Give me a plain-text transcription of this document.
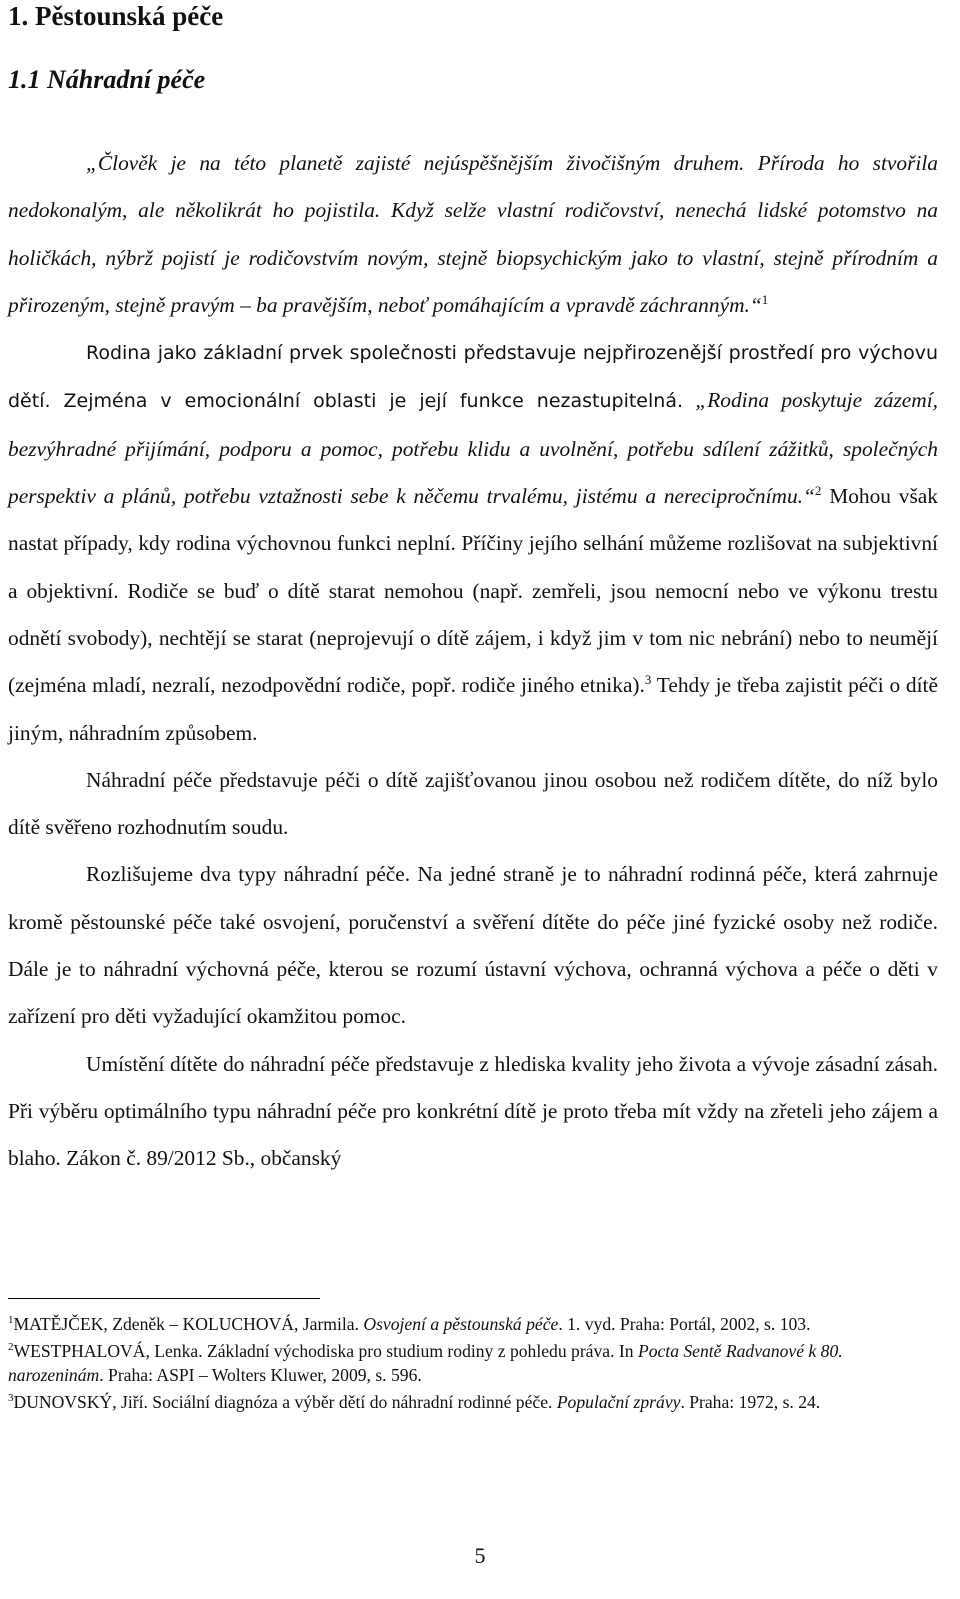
1. Pěstounská péče
1.1 Náhradní péče

„Člověk je na této planetě zajisté nejúspěšnějším živočišným druhem. Příroda ho stvořila nedokonalým, ale několikrát ho pojistila. Když selže vlastní rodičovství, nenechá lidské potomstvo na holičkách, nýbrž pojistí je rodičovstvím novým, stejně biopsychickým jako to vlastní, stejně přírodním a přirozeným, stejně pravým – ba pravějším, neboť pomáhajícím a vpravdě záchranným.“$^1$

Rodina jako základní prvek společnosti představuje nejpřirozenější prostředí pro výchovu dětí. Zejména v emocionální oblasti je její funkce nezastupitelná. „Rodina poskytuje zázemí, bezvýhradné přijímání, podporu a pomoc, potřebu klidu a uvolnění, potřebu sdílení zážitků, společných perspektiv a plánů, potřebu vztažnosti sebe k něčemu trvalému, jistému a nerecipročnímu.“$^2$ Mohou však nastat případy, kdy rodina výchovnou funkci neplní. Příčiny jejího selhání můžeme rozlišovat na subjektivní a objektivní. Rodiče se buď o dítě starat nemohou (např. zemřeli, jsou nemocní nebo ve výkonu trestu odnětí svobody), nechtějí se starat (neprojevují o dítě zájem, i když jim v tom nic nebrání) nebo to neumějí (zejména mladí, nezralí, nezodpovědní rodiče, popř. rodiče jiného etnika).$^3$ Tehdy je třeba zajistit péči o dítě jiným, náhradním způsobem.

Náhradní péče představuje péči o dítě zajišťovanou jinou osobou než rodičem dítěte, do níž bylo dítě svěřeno rozhodnutím soudu.

Rozlišujeme dva typy náhradní péče. Na jedné straně je to náhradní rodinná péče, která zahrnuje kromě pěstounské péče také osvojení, poručenství a svěření dítěte do péče jiné fyzické osoby než rodiče. Dále je to náhradní výchovná péče, kterou se rozumí ústavní výchova, ochranná výchova a péče o děti v zařízení pro děti vyžadující okamžitou pomoc.

Umístění dítěte do náhradní péče představuje z hlediska kvality jeho života a vývoje zásadní zásah. Při výběru optimálního typu náhradní péče pro konkrétní dítě je proto třeba mít vždy na zřeteli jeho zájem a blaho. Zákon č. 89/2012 Sb., občanský

$^1$MATĚJČEK, Zdeněk – KOLUCHOVÁ, Jarmila. Osvojení a pěstounská péče. 1. vyd. Praha: Portál, 2002, s. 103.
$^2$WESTPHALOVÁ, Lenka. Základní východiska pro studium rodiny z pohledu práva. In Pocta Sentě Radvanové k 80. narozeninám. Praha: ASPI – Wolters Kluwer, 2009, s. 596.
$^3$DUNOVSKÝ, Jiří. Sociální diagnóza a výběr dětí do náhradní rodinné péče. Populační zprávy. Praha: 1972, s. 24.
5
